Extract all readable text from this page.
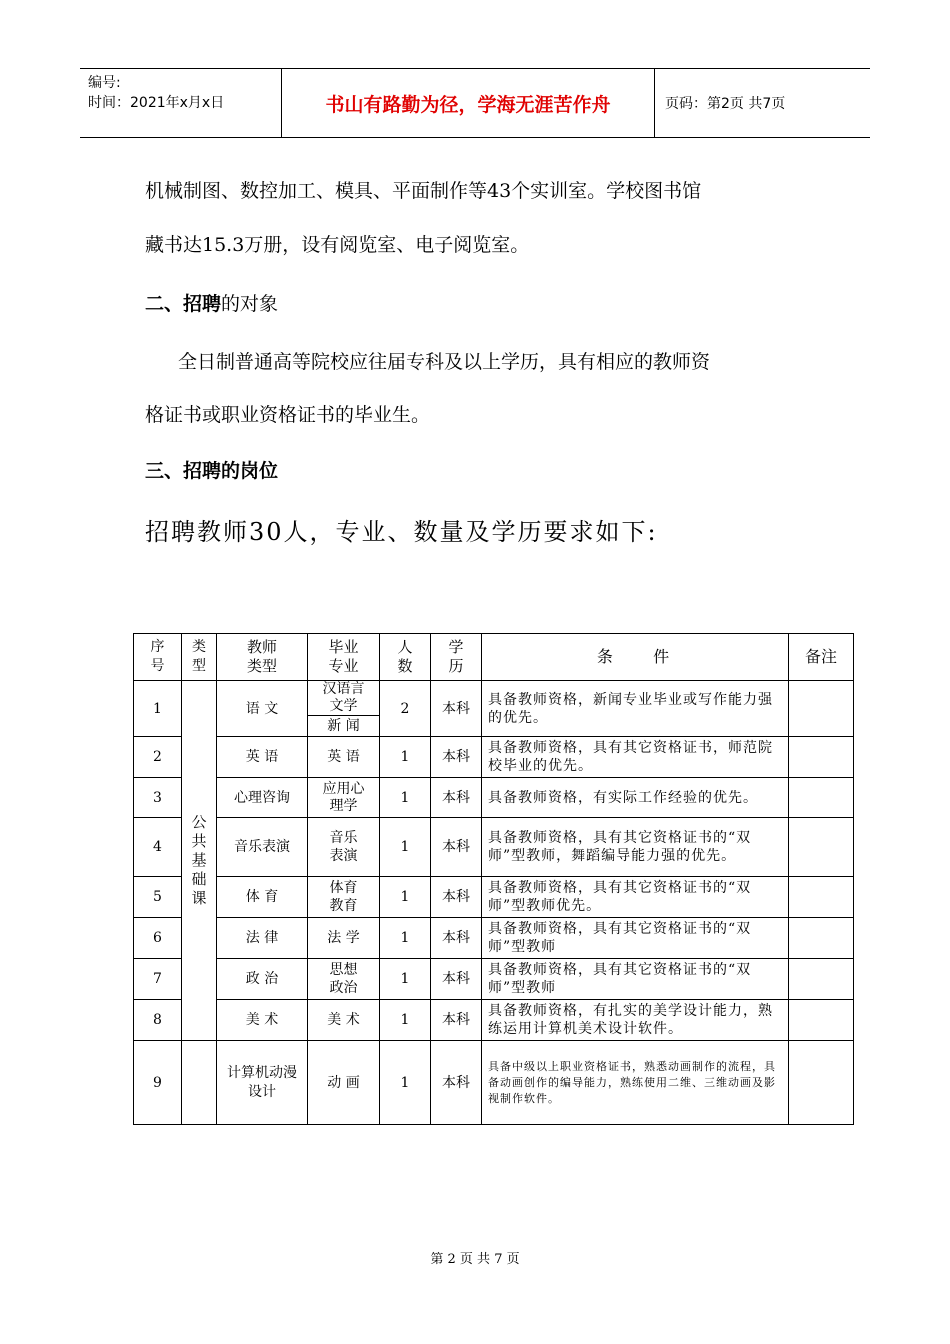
编号:
时间：2021年x月x日	书山有路勤为径，学海无涯苦作舟	页码：第2页 共7页
机械制图、数控加工、模具、平面制作等43个实训室。学校图书馆
藏书达15.3万册，设有阅览室、电子阅览室。
二、招聘的对象
全日制普通高等院校应往届专科及以上学历，具有相应的教师资
格证书或职业资格证书的毕业生。
三、招聘的岗位
招聘教师30人，专业、数量及学历要求如下:
序号	类型	教师类型	毕业专业	人数	学历	条    件	备注
1	公共基础课	语 文	汉语言文学	2	本科	具备教师资格，新闻专业毕业或写作能力强的优先。	
			新 闻				
2		英 语	英 语	1	本科	具备教师资格，具有其它资格证书，师范院校毕业的优先。	
3		心理咨询	应用心理学	1	本科	具备教师资格，有实际工作经验的优先。	
4		音乐表演	音乐表演	1	本科	具备教师资格，具有其它资格证书的“双师”型教师，舞蹈编导能力强的优先。	
5		体 育	体育教育	1	本科	具备教师资格，具有其它资格证书的“双师”型教师优先。	
6		法 律	法 学	1	本科	具备教师资格，具有其它资格证书的“双师”型教师	
7		政 治	思想政治	1	本科	具备教师资格，具有其它资格证书的“双师”型教师	
8		美 术	美 术	1	本科	具备教师资格，有扎实的美学设计能力，熟练运用计算机美术设计软件。	
9		计算机动漫设计	动 画	1	本科	具备中级以上职业资格证书，熟悉动画制作的流程，具备动画创作的编导能力，熟练使用二维、三维动画及影视制作软件。	
第 2 页 共 7 页
